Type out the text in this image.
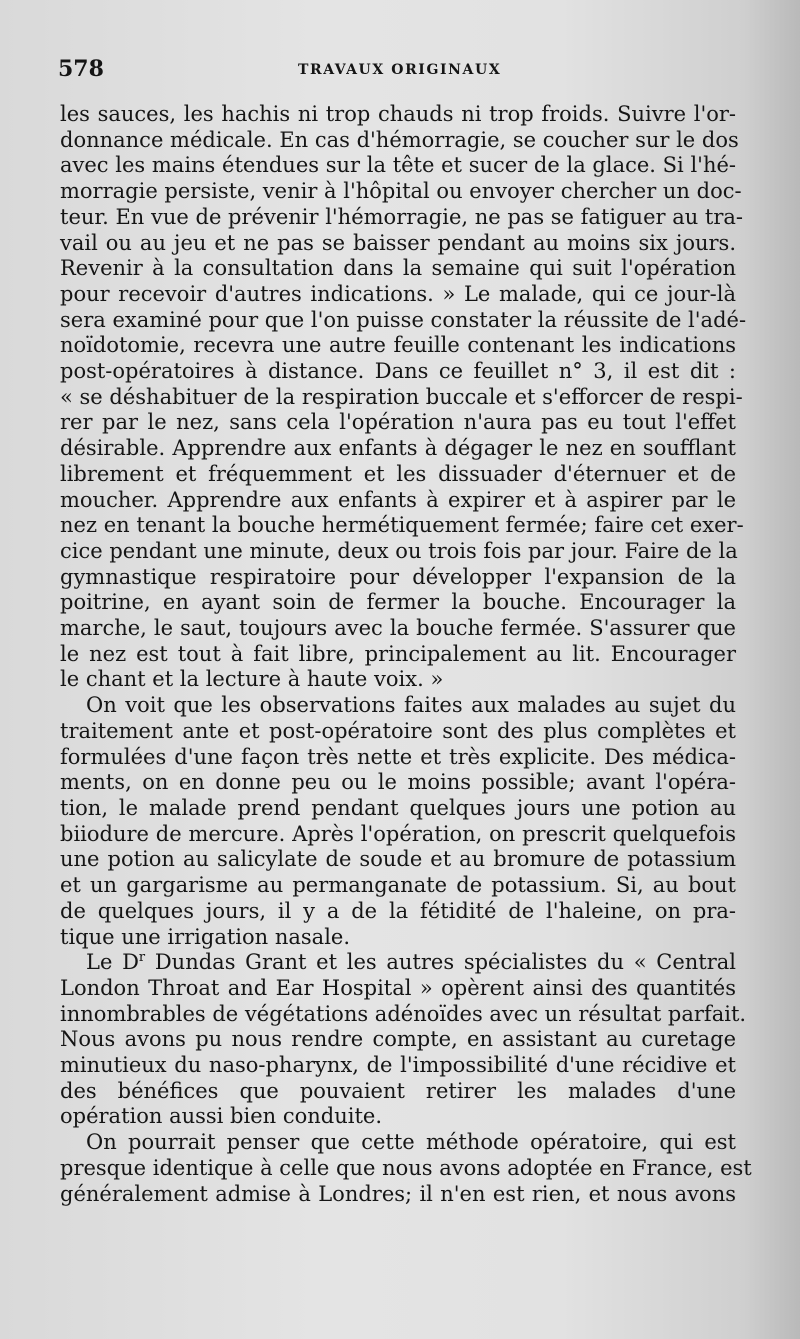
578	TRAVAUX ORIGINAUX
les sauces, les hachis ni trop chauds ni trop froids. Suivre l'or-
donnance médicale. En cas d'hémorragie, se coucher sur le dos
avec les mains étendues sur la tête et sucer de la glace. Si l'hé-
morragie persiste, venir à l'hôpital ou envoyer chercher un doc-
teur. En vue de prévenir l'hémorragie, ne pas se fatiguer au tra-
vail ou au jeu et ne pas se baisser pendant au moins six jours.
Revenir à la consultation dans la semaine qui suit l'opération
pour recevoir d'autres indications. » Le malade, qui ce jour-là
sera examiné pour que l'on puisse constater la réussite de l'adé-
noïdotomie, recevra une autre feuille contenant les indications
post-opératoires à distance. Dans ce feuillet n° 3, il est dit :
« se déshabituer de la respiration buccale et s'efforcer de respi-
rer par le nez, sans cela l'opération n'aura pas eu tout l'effet
désirable. Apprendre aux enfants à dégager le nez en soufflant
librement et fréquemment et les dissuader d'éternuer et de
moucher. Apprendre aux enfants à expirer et à aspirer par le
nez en tenant la bouche hermétiquement fermée; faire cet exer-
cice pendant une minute, deux ou trois fois par jour. Faire de la
gymnastique respiratoire pour développer l'expansion de la
poitrine, en ayant soin de fermer la bouche. Encourager la
marche, le saut, toujours avec la bouche fermée. S'assurer que
le nez est tout à fait libre, principalement au lit. Encourager
le chant et la lecture à haute voix. »
On voit que les observations faites aux malades au sujet du
traitement ante et post-opératoire sont des plus complètes et
formulées d'une façon très nette et très explicite. Des médica-
ments, on en donne peu ou le moins possible; avant l'opéra-
tion, le malade prend pendant quelques jours une potion au
biiodure de mercure. Après l'opération, on prescrit quelquefois
une potion au salicylate de soude et au bromure de potassium
et un gargarisme au permanganate de potassium. Si, au bout
de quelques jours, il y a de la fétidité de l'haleine, on pra-
tique une irrigation nasale.
Le $D^r$ Dundas Grant et les autres spécialistes du « Central
London Throat and Ear Hospital » opèrent ainsi des quantités
innombrables de végétations adénoïdes avec un résultat parfait.
Nous avons pu nous rendre compte, en assistant au curetage
minutieux du naso-pharynx, de l'impossibilité d'une récidive et
des bénéfices que pouvaient retirer les malades d'une
opération aussi bien conduite.
On pourrait penser que cette méthode opératoire, qui est
presque identique à celle que nous avons adoptée en France, est
généralement admise à Londres; il n'en est rien, et nous avons
